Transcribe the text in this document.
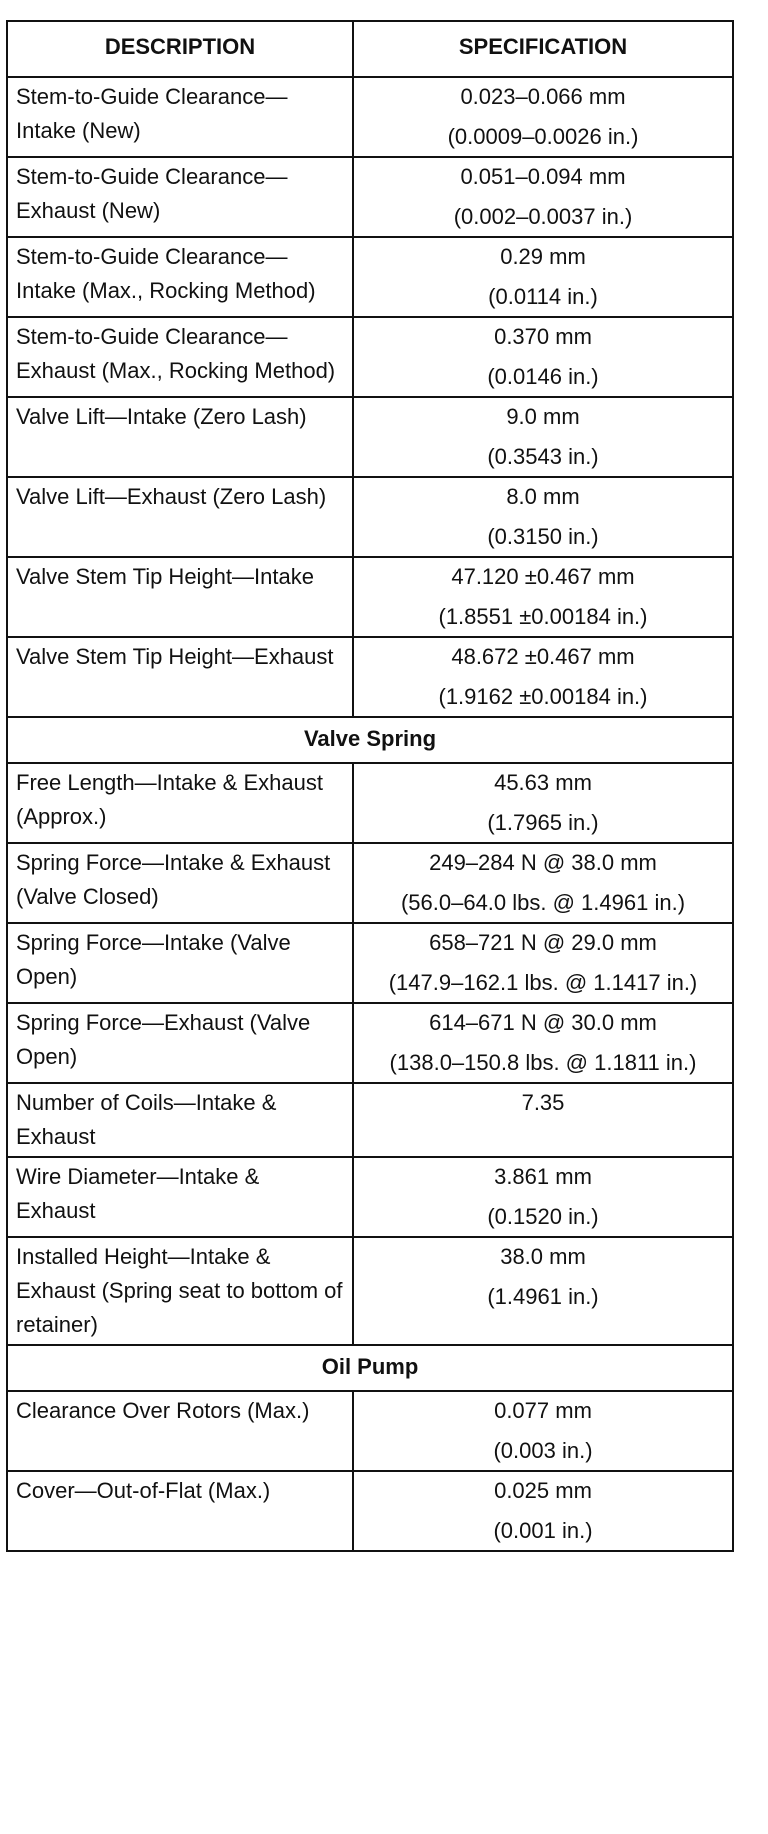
DESCRIPTION	SPECIFICATION
Stem-to-Guide Clearance—Intake (New)	0.023–0.066 mm
(0.0009–0.0026 in.)

Stem-to-Guide Clearance—Exhaust (New)	0.051–0.094 mm
(0.002–0.0037 in.)

Stem-to-Guide Clearance—Intake (Max., Rocking Method)	0.29 mm
(0.0114 in.)

Stem-to-Guide Clearance—Exhaust (Max., Rocking Method)	0.370 mm
(0.0146 in.)

Valve Lift—Intake (Zero Lash)	9.0 mm
(0.3543 in.)

Valve Lift—Exhaust (Zero Lash)	8.0 mm
(0.3150 in.)

Valve Stem Tip Height—Intake	47.120 ±0.467 mm
(1.8551 ±0.00184 in.)

Valve Stem Tip Height—Exhaust	48.672 ±0.467 mm
(1.9162 ±0.00184 in.)

Valve Spring	
Free Length—Intake & Exhaust (Approx.)	45.63 mm
(1.7965 in.)

Spring Force—Intake & Exhaust (Valve Closed)	249–284 N @ 38.0 mm
(56.0–64.0 lbs. @ 1.4961 in.)

Spring Force—Intake (Valve Open)	658–721 N @ 29.0 mm
(147.9–162.1 lbs. @ 1.1417 in.)

Spring Force—Exhaust (Valve Open)	614–671 N @ 30.0 mm
(138.0–150.8 lbs. @ 1.1811 in.)

Number of Coils—Intake & Exhaust	7.35

Wire Diameter—Intake & Exhaust	3.861 mm
(0.1520 in.)

Installed Height—Intake & Exhaust (Spring seat to bottom of retainer)	38.0 mm
(1.4961 in.)

Oil Pump	
Clearance Over Rotors (Max.)	0.077 mm
(0.003 in.)

Cover—Out-of-Flat (Max.)	0.025 mm
(0.001 in.)
